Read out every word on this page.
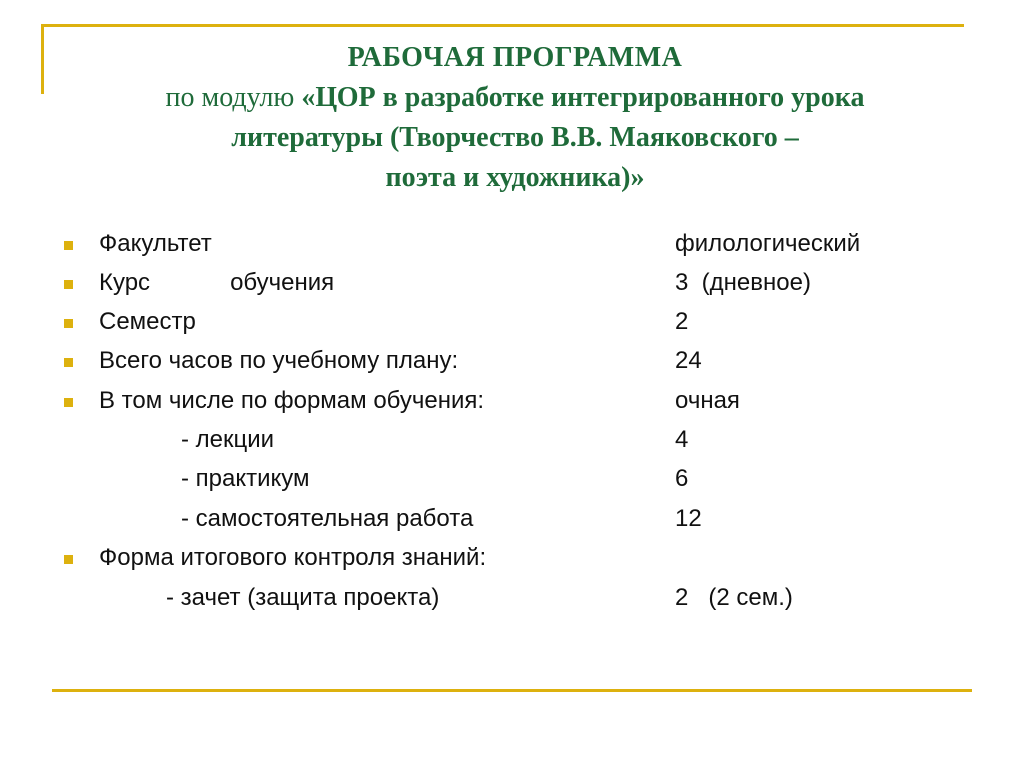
РАБОЧАЯ ПРОГРАММА
по модулю «ЦОР в разработке интегрированного урока
литературы (Творчество В.В. Маяковского –
поэта и художника)»
Факультет	филологический
Курс            обучения	3  (дневное)
Семестр	2
Всего часов по учебному плану:	24
В том числе по формам обучения:	очная
- лекции	4
- практикум	6
- самостоятельная работа	12
Форма итогового контроля знаний:
- зачет (защита проекта)	2   (2 сем.)
